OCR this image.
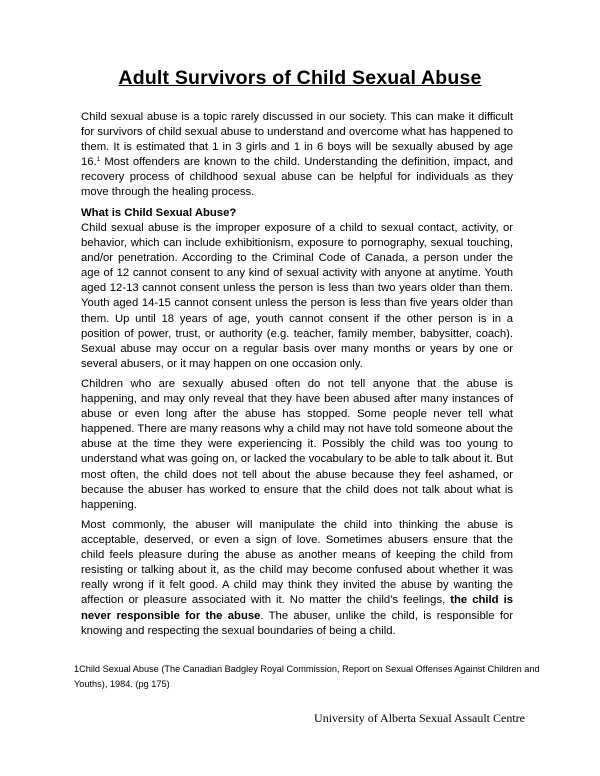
Adult Survivors of Child Sexual Abuse
Child sexual abuse is a topic rarely discussed in our society. This can make it difficult for survivors of child sexual abuse to understand and overcome what has happened to them. It is estimated that 1 in 3 girls and 1 in 6 boys will be sexually abused by age 16.$^1$ Most offenders are known to the child. Understanding the definition, impact, and recovery process of childhood sexual abuse can be helpful for individuals as they move through the healing process.
What is Child Sexual Abuse?
Child sexual abuse is the improper exposure of a child to sexual contact, activity, or behavior, which can include exhibitionism, exposure to pornography, sexual touching, and/or penetration. According to the Criminal Code of Canada, a person under the age of 12 cannot consent to any kind of sexual activity with anyone at anytime. Youth aged 12-13 cannot consent unless the person is less than two years older than them. Youth aged 14-15 cannot consent unless the person is less than five years older than them. Up until 18 years of age, youth cannot consent if the other person is in a position of power, trust, or authority (e.g. teacher, family member, babysitter, coach). Sexual abuse may occur on a regular basis over many months or years by one or several abusers, or it may happen on one occasion only.
Children who are sexually abused often do not tell anyone that the abuse is happening, and may only reveal that they have been abused after many instances of abuse or even long after the abuse has stopped. Some people never tell what happened. There are many reasons why a child may not have told someone about the abuse at the time they were experiencing it. Possibly the child was too young to understand what was going on, or lacked the vocabulary to be able to talk about it. But most often, the child does not tell about the abuse because they feel ashamed, or because the abuser has worked to ensure that the child does not talk about what is happening.
Most commonly, the abuser will manipulate the child into thinking the abuse is acceptable, deserved, or even a sign of love. Sometimes abusers ensure that the child feels pleasure during the abuse as another means of keeping the child from resisting or talking about it, as the child may become confused about whether it was really wrong if it felt good. A child may think they invited the abuse by wanting the affection or pleasure associated with it. No matter the child’s feelings, the child is never responsible for the abuse. The abuser, unlike the child, is responsible for knowing and respecting the sexual boundaries of being a child.
1Child Sexual Abuse (The Canadian Badgley Royal Commission, Report on Sexual Offenses Against Children and Youths), 1984. (pg 175)
University of Alberta Sexual Assault Centre
